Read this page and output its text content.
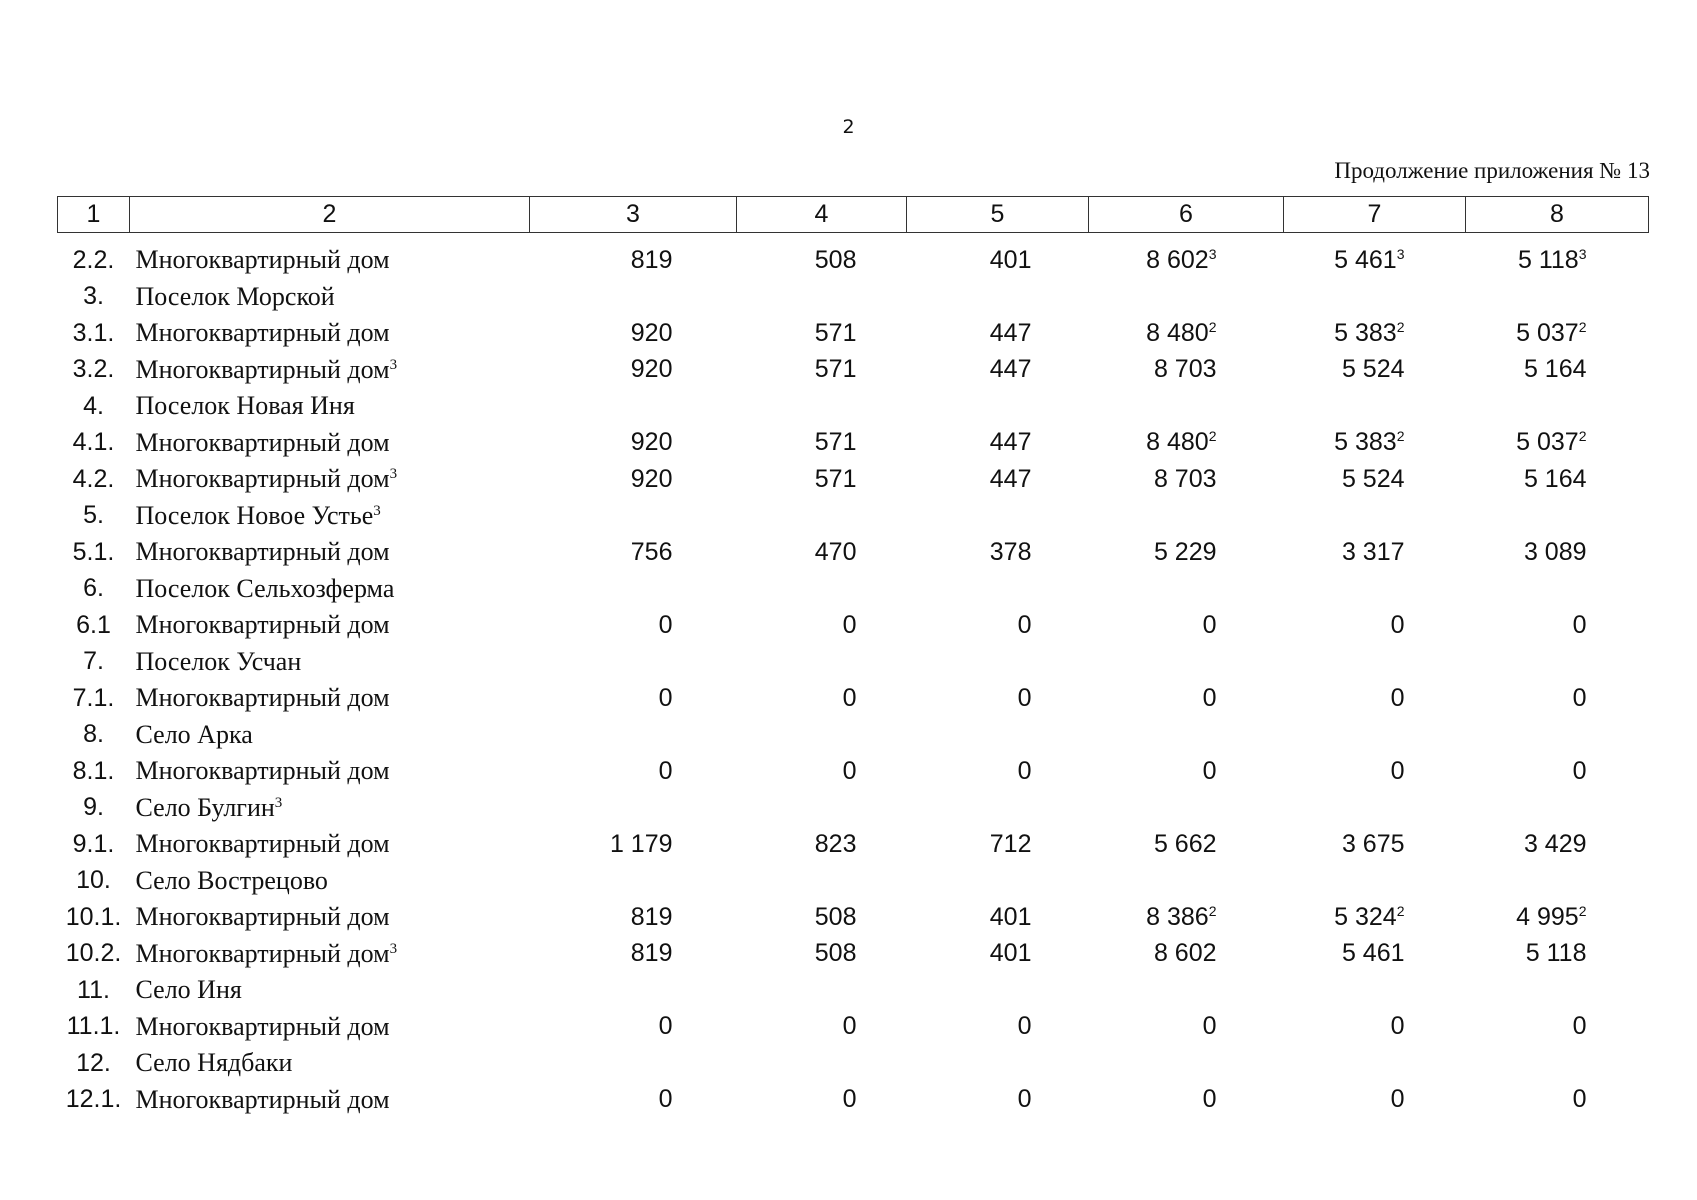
2
Продолжение приложения № 13
1	2	3	4	5	6	7	8
2.2.	Многоквартирный дом	819	508	401	8 $602^3$	5 $461^3$	5 $118^3$
3.	Поселок Морской						
3.1.	Многоквартирный дом	920	571	447	8 $480^2$	5 $383^2$	5 $037^2$
3.2.	Многоквартирный дом$^3$	920	571	447	8 703	5 524	5 164
4.	Поселок Новая Иня						
4.1.	Многоквартирный дом	920	571	447	8 $480^2$	5 $383^2$	5 $037^2$
4.2.	Многоквартирный дом$^3$	920	571	447	8 703	5 524	5 164
5.	Поселок Новое Устье$^3$						
5.1.	Многоквартирный дом	756	470	378	5 229	3 317	3 089
6.	Поселок Сельхозферма						
6.1	Многоквартирный дом	0	0	0	0	0	0
7.	Поселок Усчан						
7.1.	Многоквартирный дом	0	0	0	0	0	0
8.	Село Арка						
8.1.	Многоквартирный дом	0	0	0	0	0	0
9.	Село Булгин$^3$						
9.1.	Многоквартирный дом	1 179	823	712	5 662	3 675	3 429
10.	Село Вострецово						
10.1.	Многоквартирный дом	819	508	401	8 $386^2$	5 $324^2$	4 $995^2$
10.2.	Многоквартирный дом$^3$	819	508	401	8 602	5 461	5 118
11.	Село Иня						
11.1.	Многоквартирный дом	0	0	0	0	0	0
12.	Село Нядбаки						
12.1.	Многоквартирный дом	0	0	0	0	0	0
